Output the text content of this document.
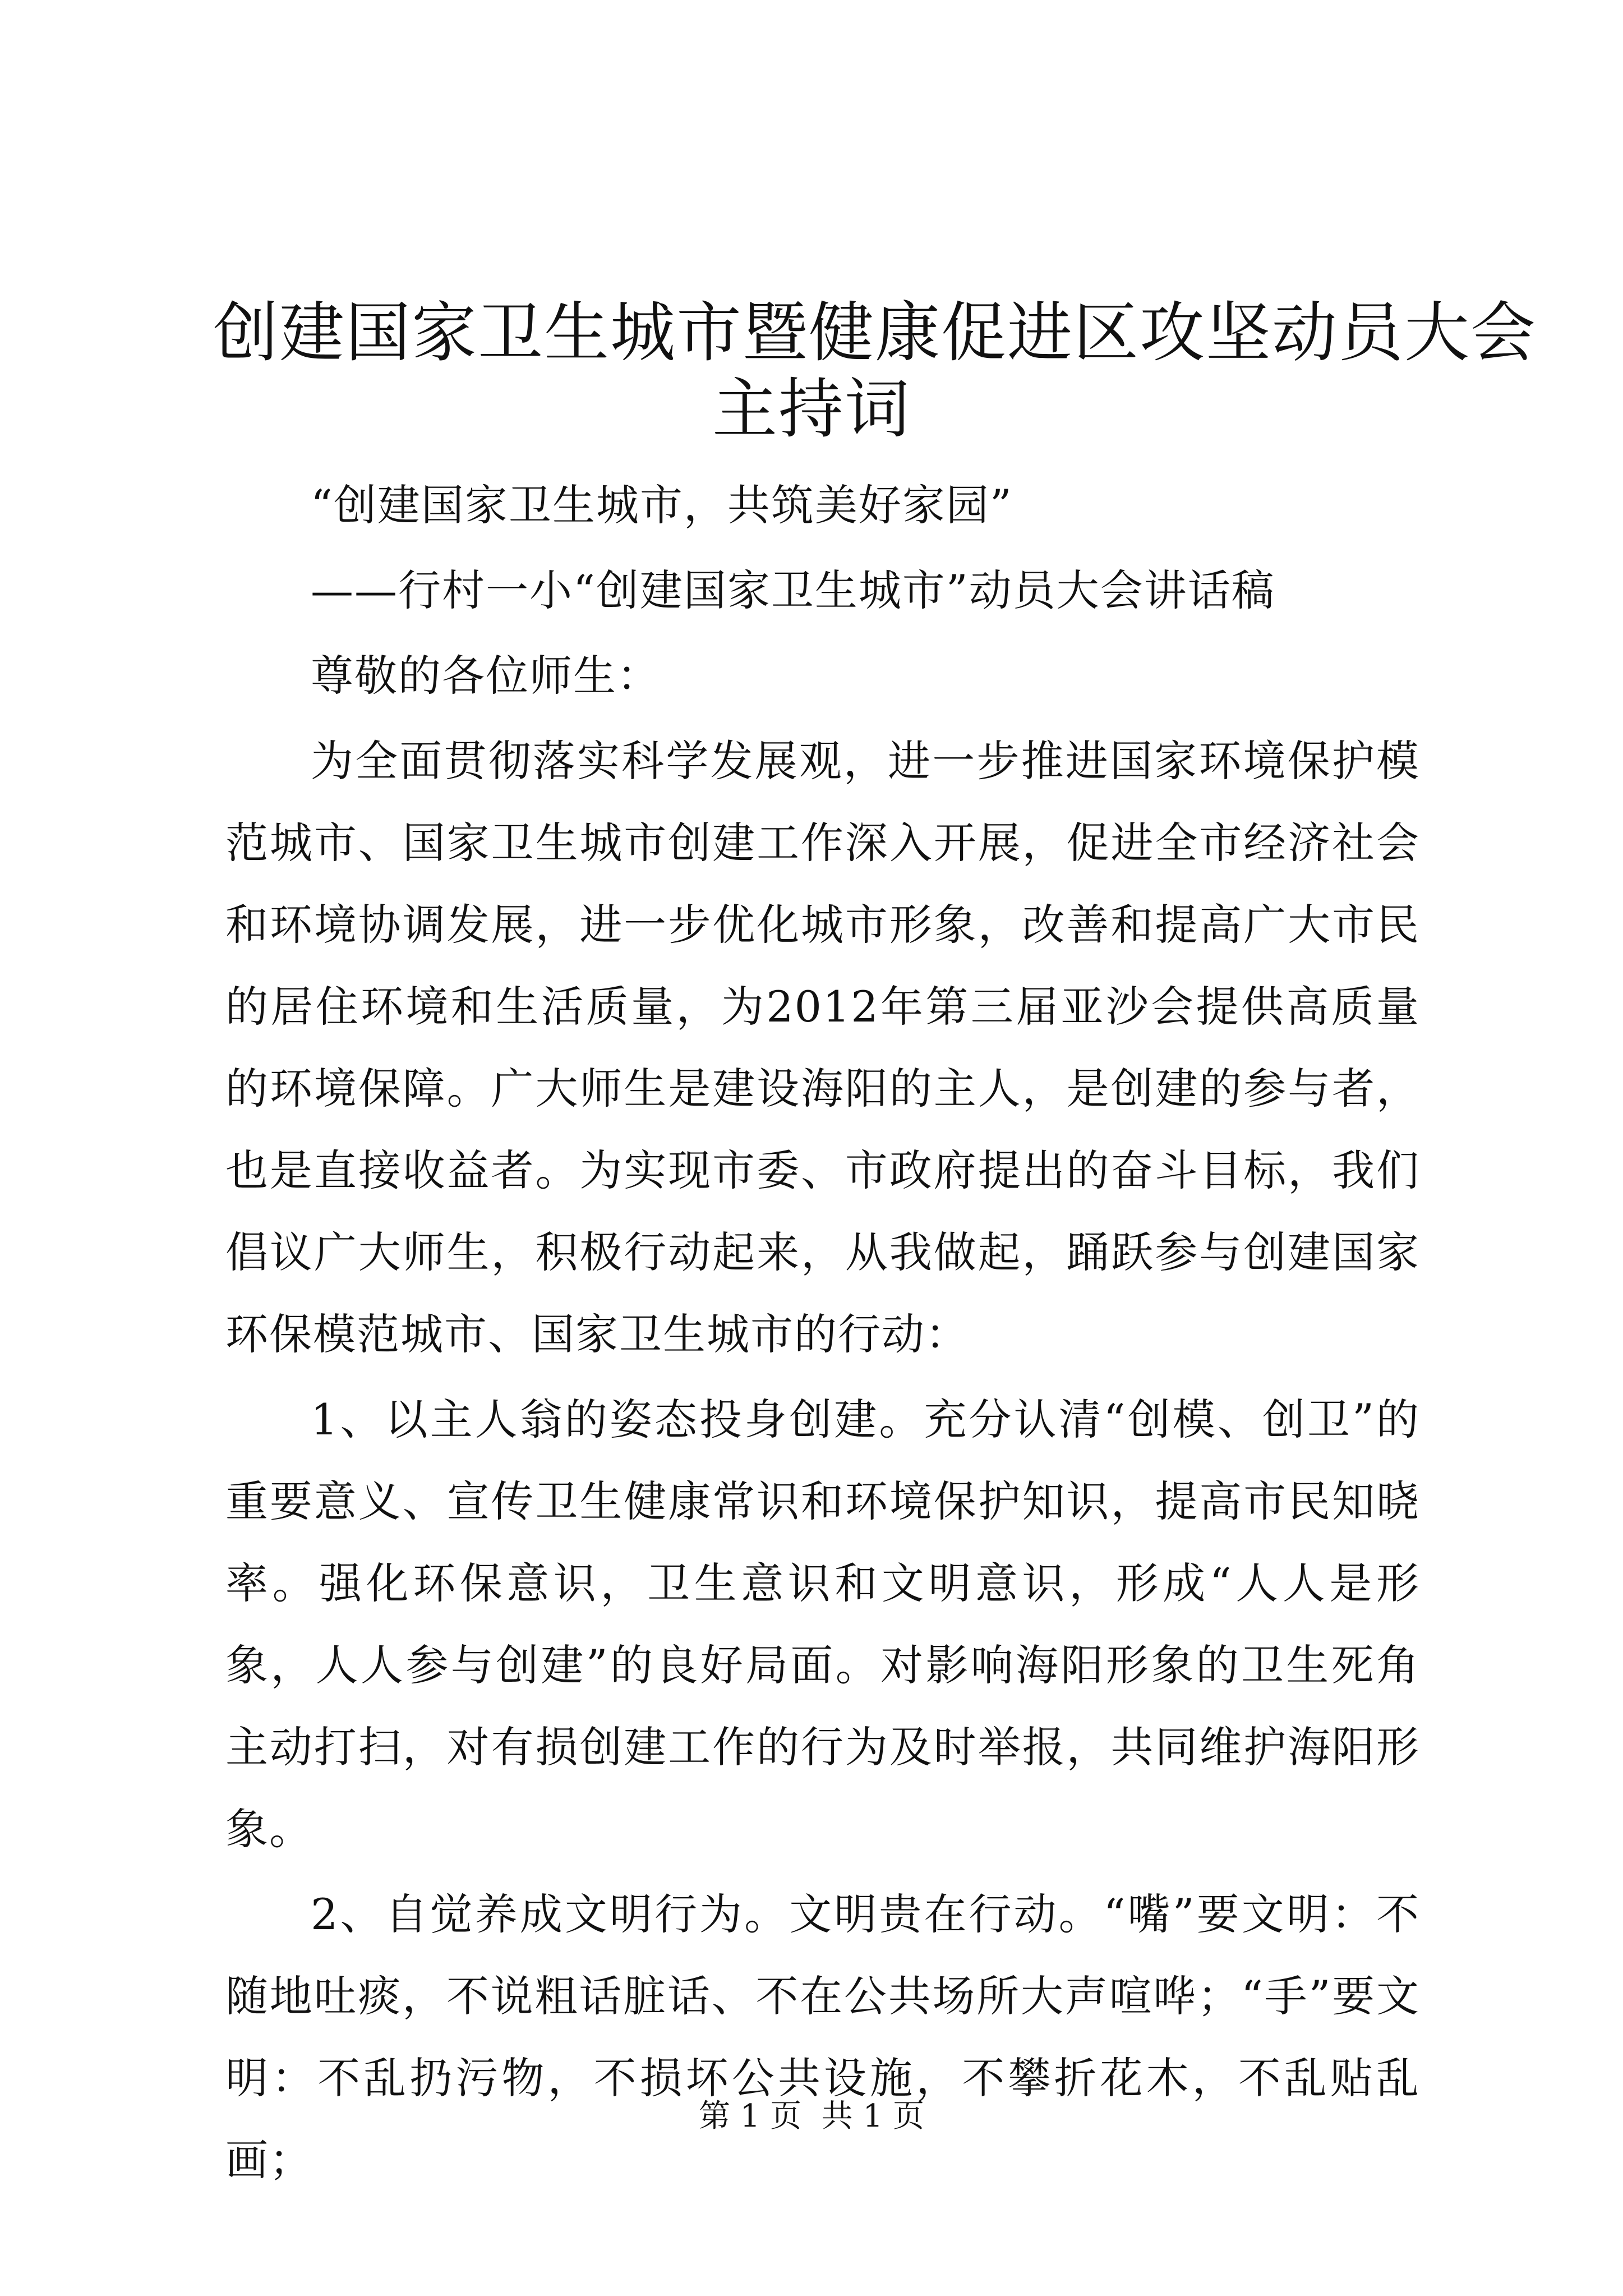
创建国家卫生城市暨健康促进区攻坚动员大会
主持词

“创建国家卫生城市，共筑美好家园”

——行村一小“创建国家卫生城市”动员大会讲话稿

尊敬的各位师生：

为全面贯彻落实科学发展观，进一步推进国家环境保护模范城市、国家卫生城市创建工作深入开展，促进全市经济社会和环境协调发展，进一步优化城市形象，改善和提高广大市民的居住环境和生活质量，为2012年第三届亚沙会提供高质量的环境保障。广大师生是建设海阳的主人，是创建的参与者，也是直接收益者。为实现市委、市政府提出的奋斗目标，我们倡议广大师生，积极行动起来，从我做起，踊跃参与创建国家环保模范城市、国家卫生城市的行动：

1、以主人翁的姿态投身创建。充分认清“创模、创卫”的重要意义、宣传卫生健康常识和环境保护知识，提高市民知晓率。强化环保意识，卫生意识和文明意识，形成“人人是形象，人人参与创建”的良好局面。对影响海阳形象的卫生死角主动打扫，对有损创建工作的行为及时举报，共同维护海阳形象。

2、自觉养成文明行为。文明贵在行动。“嘴”要文明：不随地吐痰，不说粗话脏话、不在公共场所大声喧哗；“手”要文明：不乱扔污物，不损坏公共设施，不攀折花木，不乱贴乱画；

第 1 页  共 1 页
